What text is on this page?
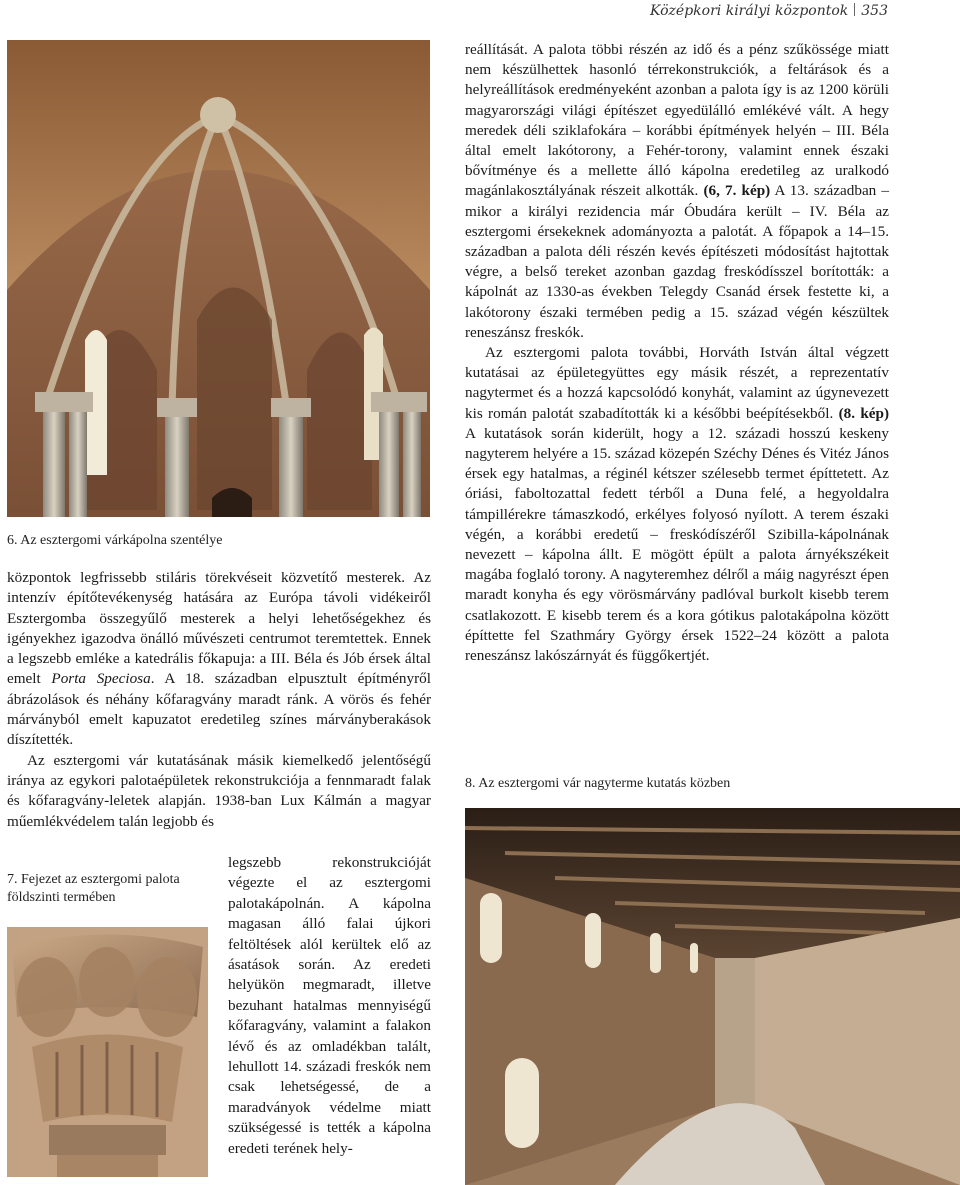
Középkori királyi központok 353
6. Az esztergomi várkápolna szentélye

központok legfrissebb stiláris törekvéseit közvetítő mesterek. Az intenzív építőtevékenység hatására az Európa távoli vidékeiről Esztergomba összegyűlő mesterek a helyi lehetőségekhez és igényekhez igazodva önálló művészeti centrumot teremtettek. Ennek a legszebb emléke a katedrális főkapuja: a III. Béla és Jób érsek által emelt Porta Speciosa. A 18. században elpusztult építményről ábrázolások és néhány kőfaragvány maradt ránk. A vörös és fehér márványból emelt kapuzatot eredetileg színes márványberakások díszítették.

Az esztergomi vár kutatásának másik kiemelkedő jelentőségű iránya az egykori palotaépületek rekonstrukciója a fennmaradt falak és kőfaragvány-leletek alapján. 1938-ban Lux Kálmán a magyar műemlékvédelem talán legjobb és

7. Fejezet az esztergomi palota földszinti termében
legszebb rekonstrukcióját végezte el az esztergomi palotakápolnán. A kápolna magasan álló falai újkori feltöltések alól kerültek elő az ásatások során. Az eredeti helyükön megmaradt, illetve bezuhant hatalmas mennyiségű kőfaragvány, valamint a falakon lévő és az omladékban talált, lehullott 14. századi freskók nem csak lehetségessé, de a maradványok védelme miatt szükségessé is tették a kápolna eredeti terének hely-

reállítását. A palota többi részén az idő és a pénz szűkössége miatt nem készülhettek hasonló térrekonstrukciók, a feltárások és a helyreállítások eredményeként azonban a palota így is az 1200 körüli magyarországi világi építészet egyedülálló emlékévé vált. A hegy meredek déli sziklafokára – korábbi építmények helyén – III. Béla által emelt lakótorony, a Fehér-torony, valamint ennek északi bővítménye és a mellette álló kápolna eredetileg az uralkodó magánlakosztályának részeit alkották. (6, 7. kép) A 13. században – mikor a királyi rezidencia már Óbudára került – IV. Béla az esztergomi érsekeknek adományozta a palotát. A főpapok a 14–15. században a palota déli részén kevés építészeti módosítást hajtottak végre, a belső tereket azonban gazdag freskódísszel borították: a kápolnát az 1330-as években Telegdy Csanád érsek festette ki, a lakótorony északi termében pedig a 15. század végén készültek reneszánsz freskók.

Az esztergomi palota további, Horváth István által végzett kutatásai az épületegyüttes egy másik részét, a reprezentatív nagytermet és a hozzá kapcsolódó konyhát, valamint az úgynevezett kis román palotát szabadították ki a későbbi beépítésekből. (8. kép) A kutatások során kiderült, hogy a 12. századi hosszú keskeny nagyterem helyére a 15. század közepén Széchy Dénes és Vitéz János érsek egy hatalmas, a réginél kétszer szélesebb termet építtetett. Az óriási, faboltozattal fedett térből a Duna felé, a hegyoldalra támpillérekre támaszkodó, erkélyes folyosó nyílott. A terem északi végén, a korábbi eredetű – freskódíszéről Szibilla-kápolnának nevezett – kápolna állt. E mögött épült a palota árnyékszékeit magába foglaló torony. A nagyteremhez délről a máig nagyrészt épen maradt konyha és egy vörösmárvány padlóval burkolt kisebb terem csatlakozott. E kisebb terem és a kora gótikus palotakápolna között építtette fel Szathmáry György érsek 1522–24 között a palota reneszánsz lakószárnyát és függőkertjét.

8. Az esztergomi vár nagyterme kutatás közben
